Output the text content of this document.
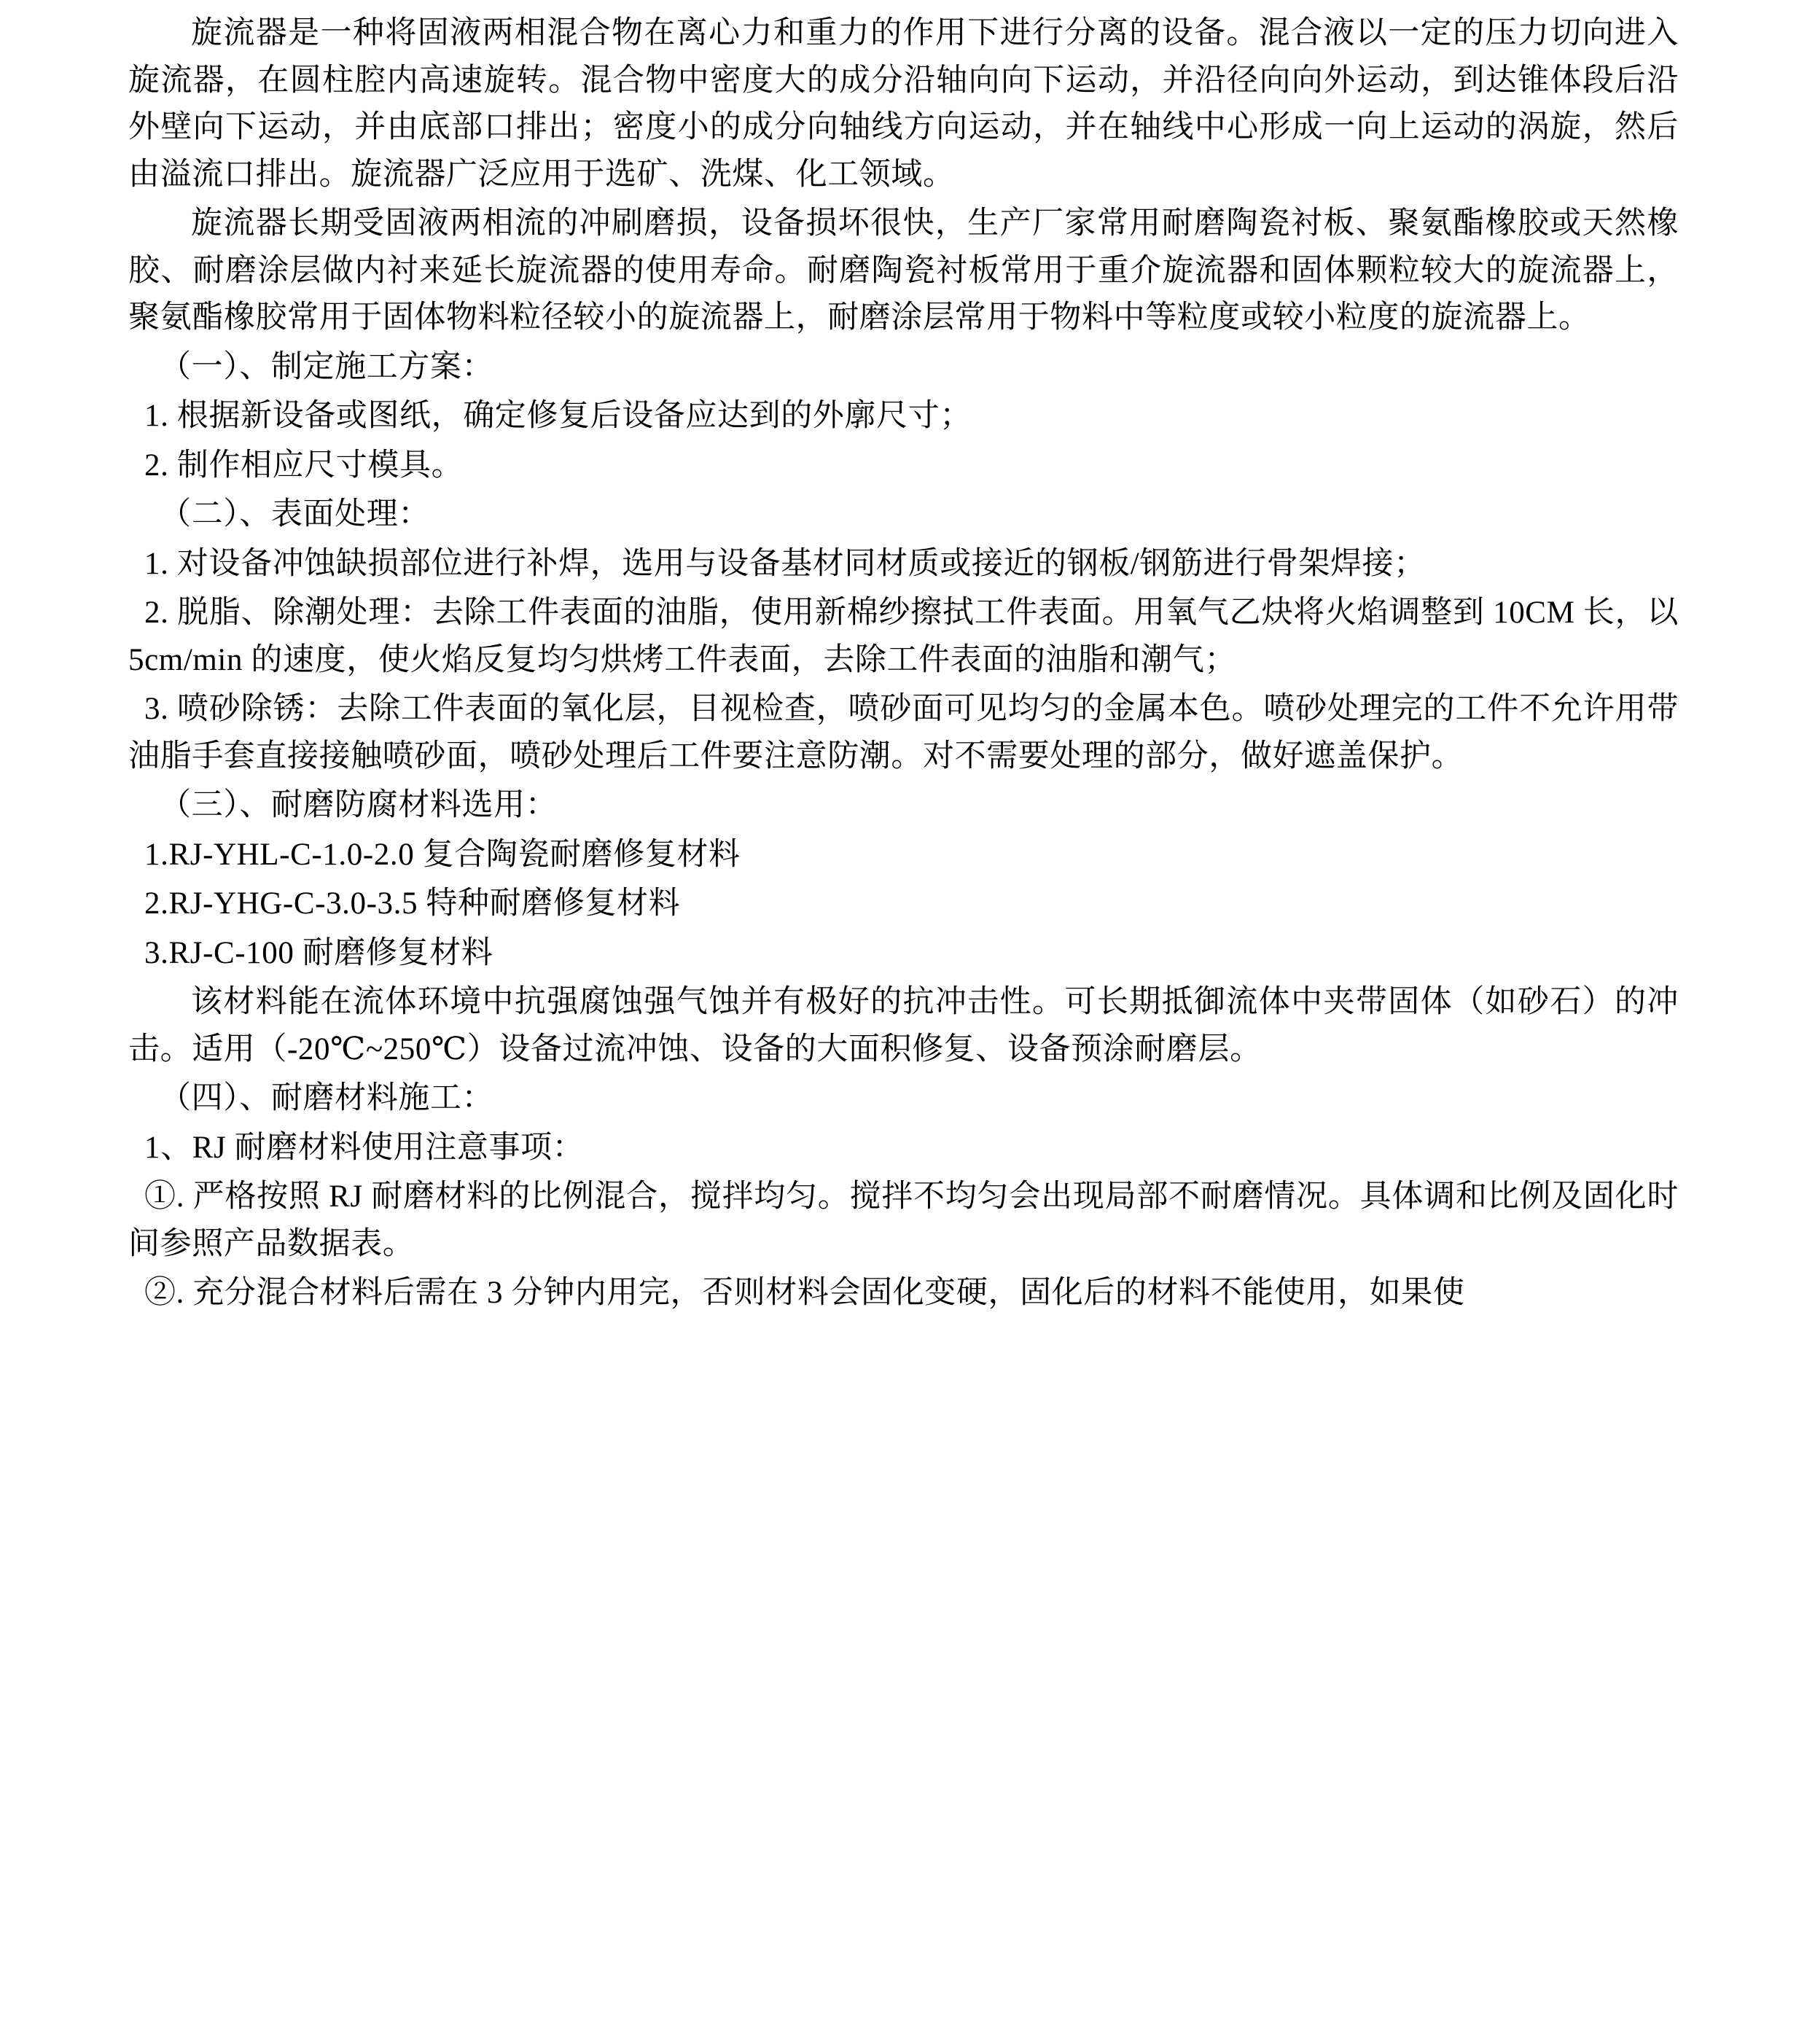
旋流器是一种将固液两相混合物在离心力和重力的作用下进行分离的设备。混合液以一定的压力切向进入旋流器，在圆柱腔内高速旋转。混合物中密度大的成分沿轴向向下运动，并沿径向向外运动，到达锥体段后沿外壁向下运动，并由底部口排出；密度小的成分向轴线方向运动，并在轴线中心形成一向上运动的涡旋，然后由溢流口排出。旋流器广泛应用于选矿、洗煤、化工领域。

旋流器长期受固液两相流的冲刷磨损，设备损坏很快，生产厂家常用耐磨陶瓷衬板、聚氨酯橡胶或天然橡胶、耐磨涂层做内衬来延长旋流器的使用寿命。耐磨陶瓷衬板常用于重介旋流器和固体颗粒较大的旋流器上，聚氨酯橡胶常用于固体物料粒径较小的旋流器上，耐磨涂层常用于物料中等粒度或较小粒度的旋流器上。

（一）、制定施工方案：

1. 根据新设备或图纸，确定修复后设备应达到的外廓尺寸；

2. 制作相应尺寸模具。

（二）、表面处理：

1. 对设备冲蚀缺损部位进行补焊，选用与设备基材同材质或接近的钢板/钢筋进行骨架焊接；

2. 脱脂、除潮处理：去除工件表面的油脂，使用新棉纱擦拭工件表面。用氧气乙炔将火焰调整到 10CM 长，以 5cm/min 的速度，使火焰反复均匀烘烤工件表面，去除工件表面的油脂和潮气；

3. 喷砂除锈：去除工件表面的氧化层，目视检查，喷砂面可见均匀的金属本色。喷砂处理完的工件不允许用带油脂手套直接接触喷砂面，喷砂处理后工件要注意防潮。对不需要处理的部分，做好遮盖保护。

（三）、耐磨防腐材料选用：

1.RJ-YHL-C-1.0-2.0 复合陶瓷耐磨修复材料

2.RJ-YHG-C-3.0-3.5 特种耐磨修复材料

3.RJ-C-100 耐磨修复材料

该材料能在流体环境中抗强腐蚀强气蚀并有极好的抗冲击性。可长期抵御流体中夹带固体（如砂石）的冲击。适用（-20℃~250℃）设备过流冲蚀、设备的大面积修复、设备预涂耐磨层。

（四）、耐磨材料施工：

1、RJ 耐磨材料使用注意事项：

①. 严格按照 RJ 耐磨材料的比例混合，搅拌均匀。搅拌不均匀会出现局部不耐磨情况。具体调和比例及固化时间参照产品数据表。

②. 充分混合材料后需在 3 分钟内用完，否则材料会固化变硬，固化后的材料不能使用，如果使
